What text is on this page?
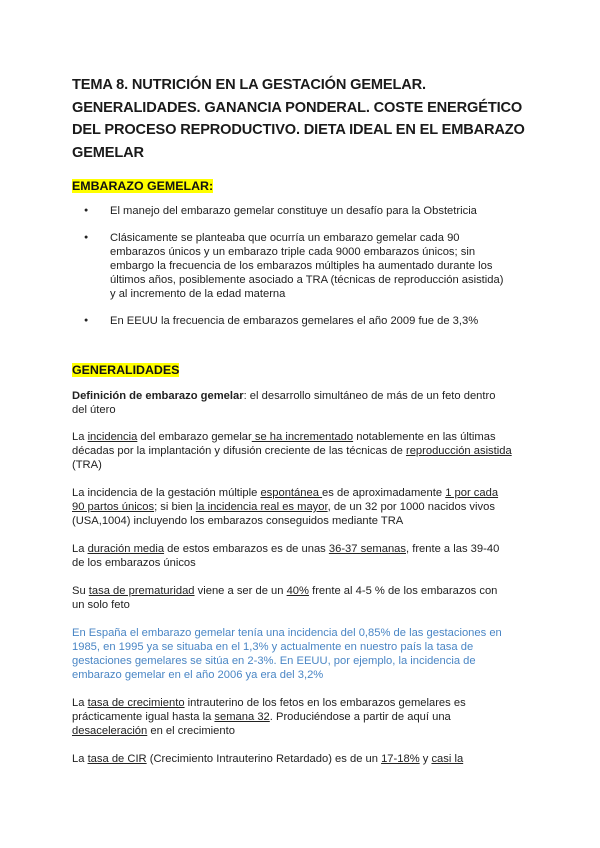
TEMA 8. NUTRICIÓN EN LA GESTACIÓN GEMELAR. GENERALIDADES. GANANCIA PONDERAL. COSTE ENERGÉTICO DEL PROCESO REPRODUCTIVO. DIETA IDEAL EN EL EMBARAZO GEMELAR
EMBARAZO GEMELAR:
● El manejo del embarazo gemelar constituye un desafío para la Obstetricia
● Clásicamente se planteaba que ocurría un embarazo gemelar cada 90 embarazos únicos y un embarazo triple cada 9000 embarazos únicos; sin embargo la frecuencia de los embarazos múltiples ha aumentado durante los últimos años, posiblemente asociado a TRA (técnicas de reproducción asistida) y al incremento de la edad materna
● En EEUU la frecuencia de embarazos gemelares el año 2009 fue de 3,3%
GENERALIDADES
Definición de embarazo gemelar: el desarrollo simultáneo de más de un feto dentro del útero
La incidencia del embarazo gemelar se ha incrementado notablemente en las últimas décadas por la implantación y difusión creciente de las técnicas de reproducción asistida (TRA)
La incidencia de la gestación múltiple espontánea es de aproximadamente 1 por cada 90 partos únicos; si bien la incidencia real es mayor, de un 32 por 1000 nacidos vivos (USA,1004) incluyendo los embarazos conseguidos mediante TRA
La duración media de estos embarazos es de unas 36-37 semanas, frente a las 39-40 de los embarazos únicos
Su tasa de prematuridad viene a ser de un 40% frente al 4-5 % de los embarazos con un solo feto
En España el embarazo gemelar tenía una incidencia del 0,85% de las gestaciones en 1985, en 1995 ya se situaba en el 1,3% y actualmente en nuestro país la tasa de gestaciones gemelares se sitúa en 2-3%. En EEUU, por ejemplo, la incidencia de embarazo gemelar en el año 2006 ya era del 3,2%
La tasa de crecimiento intrauterino de los fetos en los embarazos gemelares es prácticamente igual hasta la semana 32. Produciéndose a partir de aquí una desaceleración en el crecimiento
La tasa de CIR (Crecimiento Intrauterino Retardado) es de un 17-18% y casi la
